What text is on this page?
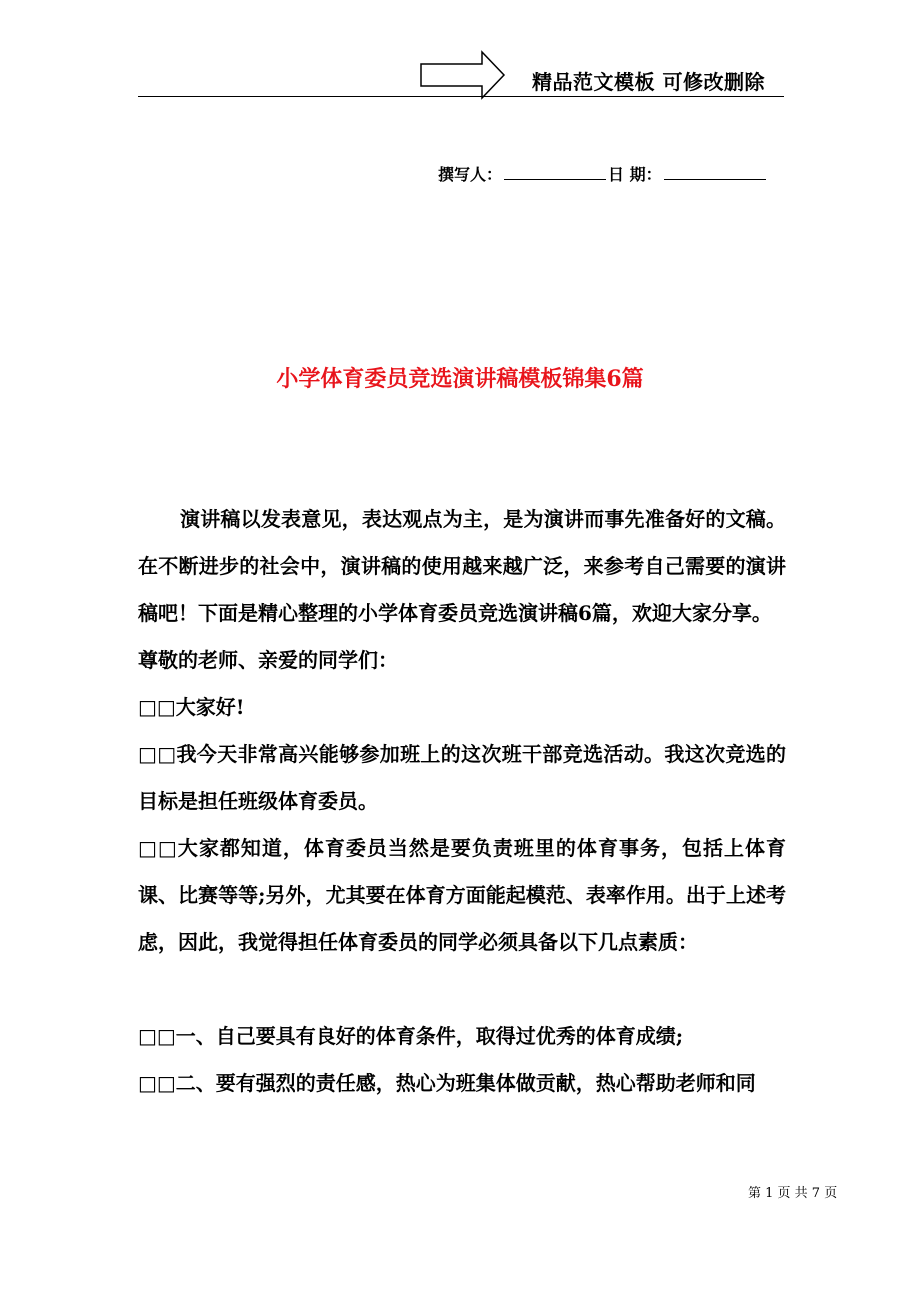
精品范文模板 可修改删除
撰写人：	日 期：
小学体育委员竞选演讲稿模板锦集6篇

演讲稿以发表意见，表达观点为主，是为演讲而事先准备好的文稿。在不断进步的社会中，演讲稿的使用越来越广泛，来参考自己需要的演讲稿吧！下面是精心整理的小学体育委员竞选演讲稿6篇，欢迎大家分享。

尊敬的老师、亲爱的同学们：

□□大家好!

□□我今天非常高兴能够参加班上的这次班干部竞选活动。我这次竞选的目标是担任班级体育委员。

□□大家都知道，体育委员当然是要负责班里的体育事务，包括上体育课、比赛等等;另外，尤其要在体育方面能起模范、表率作用。出于上述考虑，因此，我觉得担任体育委员的同学必须具备以下几点素质：

□□一、自己要具有良好的体育条件，取得过优秀的体育成绩;

□□二、要有强烈的责任感，热心为班集体做贡献，热心帮助老师和同

第 1 页 共 7 页
